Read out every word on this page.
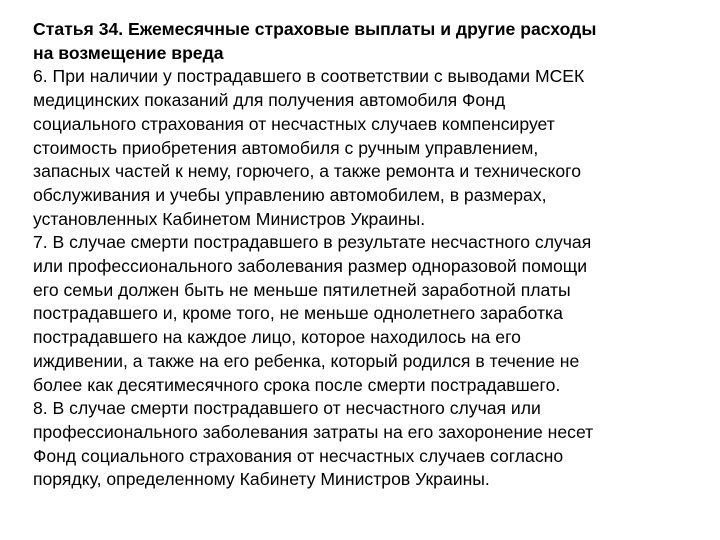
Статья 34. Ежемесячные страховые выплаты и другие расходы
на возмещение вреда
6. При наличии у пострадавшего в соответствии с выводами МСЕК
медицинских показаний для получения автомобиля Фонд
социального страхования от несчастных случаев компенсирует
стоимость приобретения автомобиля с ручным управлением,
запасных частей к нему, горючего, а также ремонта и технического
обслуживания и учебы управлению автомобилем, в размерах,
установленных Кабинетом Министров Украины.
7. В случае смерти пострадавшего в результате несчастного случая
или профессионального заболевания размер одноразовой помощи
его семьи должен быть не меньше пятилетней заработной платы
пострадавшего и, кроме того, не меньше однолетнего заработка
пострадавшего на каждое лицо, которое находилось на его
иждивении, а также на его ребенка, который родился в течение не
более как десятимесячного срока после смерти пострадавшего.
8. В случае смерти пострадавшего от несчастного случая или
профессионального заболевания затраты на его захоронение несет
Фонд социального страхования от несчастных случаев согласно
порядку, определенному Кабинету Министров Украины.
